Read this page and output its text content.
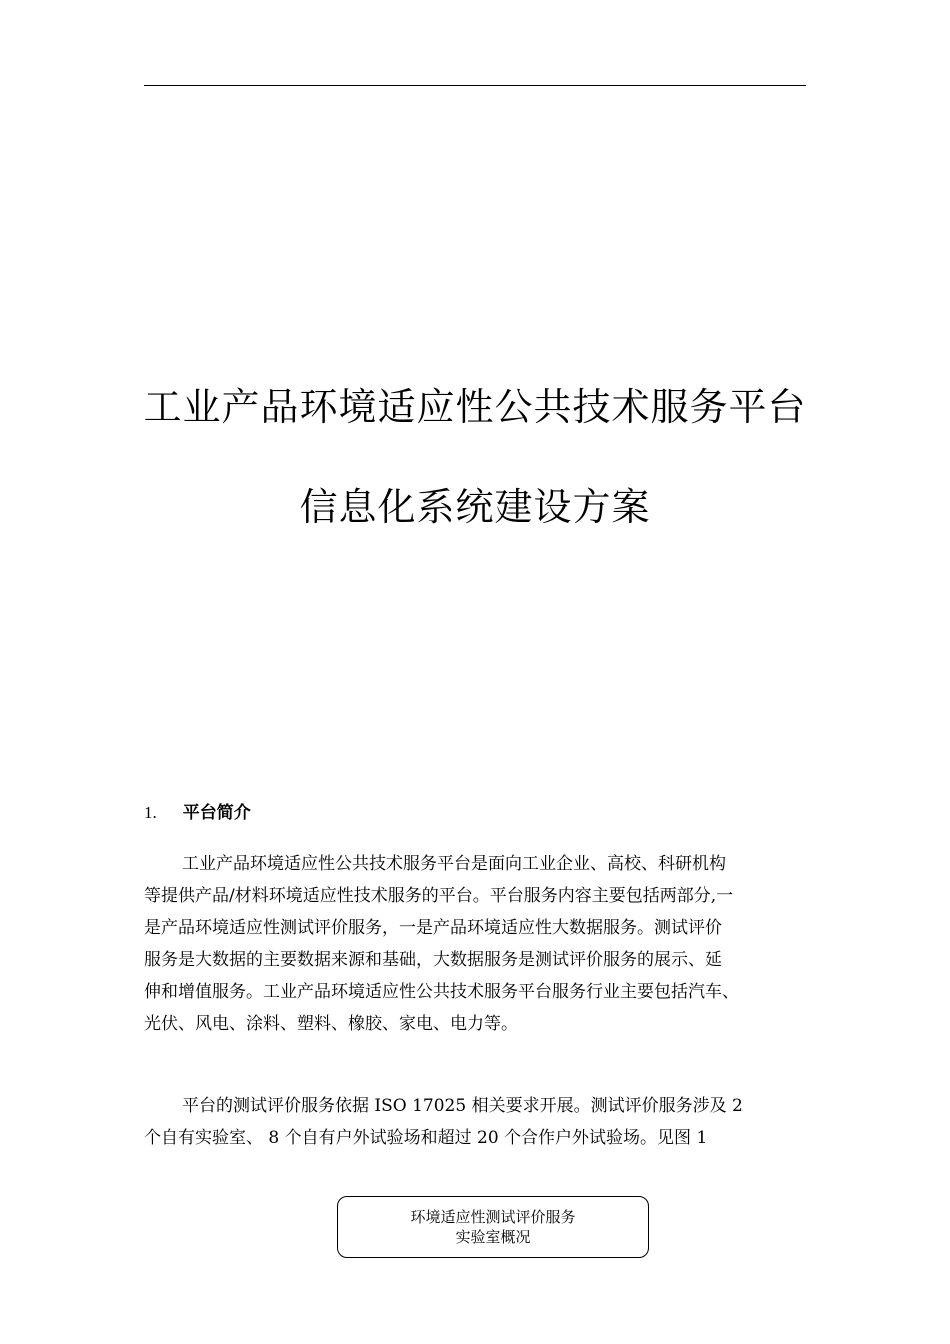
工业产品环境适应性公共技术服务平台
信息化系统建设方案
1. 平台简介

工业产品环境适应性公共技术服务平台是面向工业企业、高校、科研机构
等提供产品/材料环境适应性技术服务的平台。平台服务内容主要包括两部分,一
是产品环境适应性测试评价服务，一是产品环境适应性大数据服务。测试评价
服务是大数据的主要数据来源和基础，大数据服务是测试评价服务的展示、延
伸和增值服务。工业产品环境适应性公共技术服务平台服务行业主要包括汽车、
光伏、风电、涂料、塑料、橡胶、家电、电力等。

平台的测试评价服务依据 ISO 17025 相关要求开展。测试评价服务涉及 2
个自有实验室、 8 个自有户外试验场和超过 20 个合作户外试验场。见图 1

环境适应性测试评价服务
实验室概况
